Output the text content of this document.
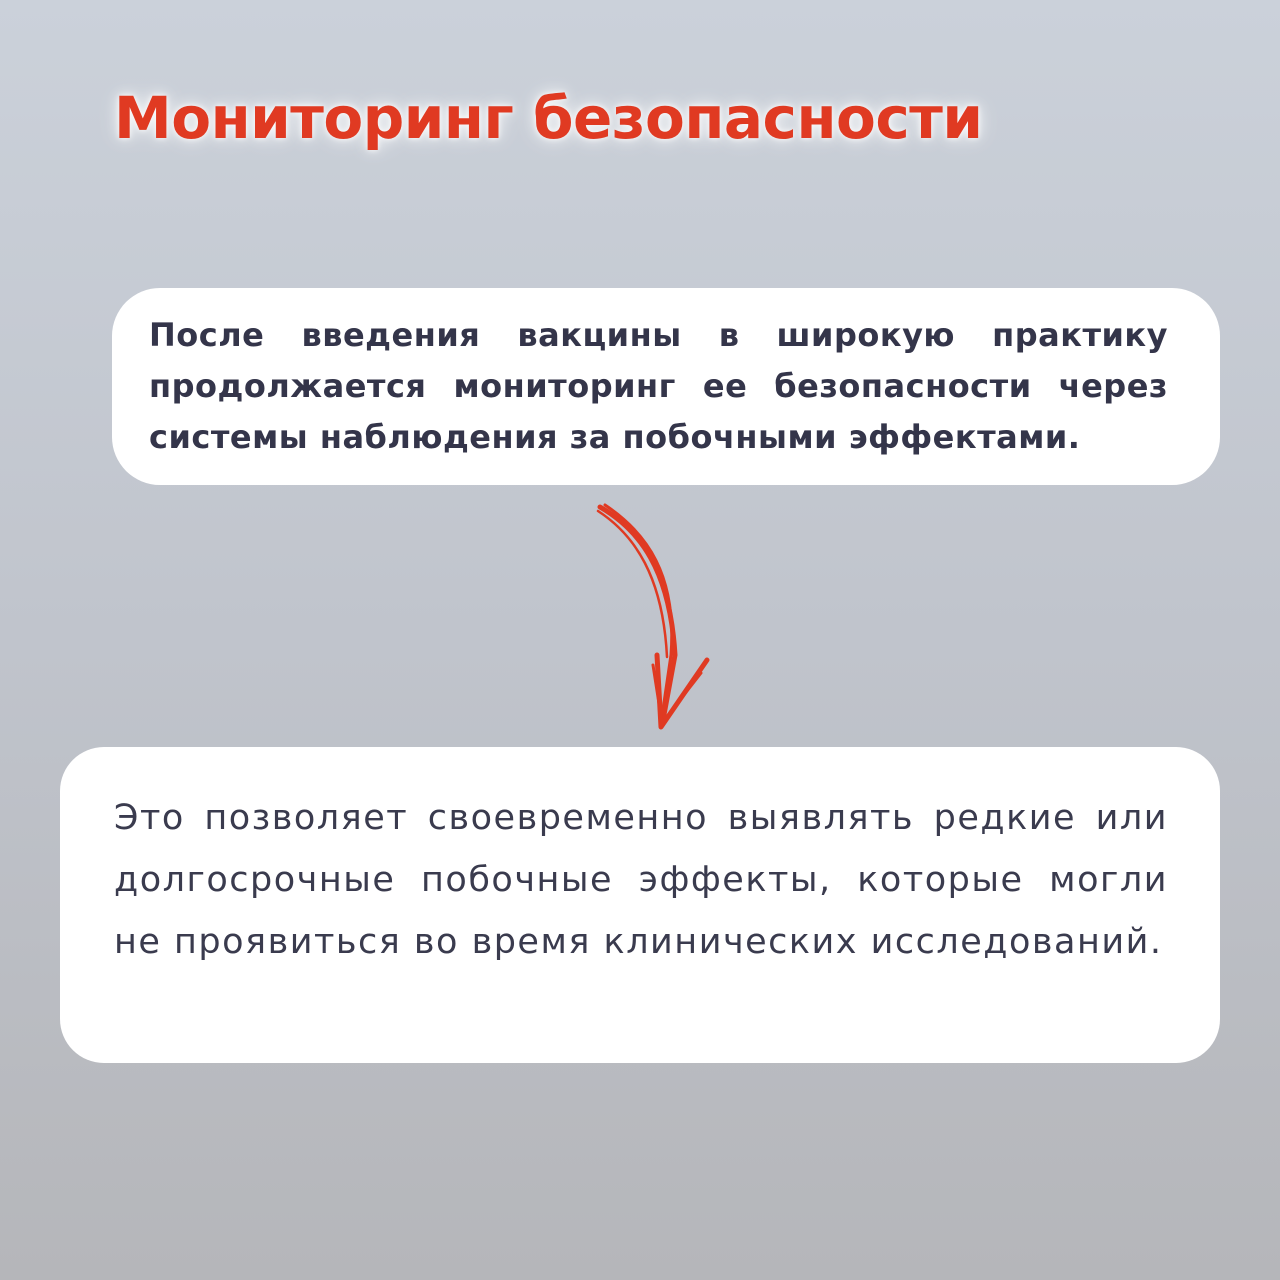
Мониторинг безопасности

После введения вакцины в широкую практику продолжается мониторинг ее безопасности через системы наблюдения за побочными эффектами.

Это позволяет своевременно выявлять редкие или долгосрочные побочные эффекты, которые могли не проявиться во время клинических исследований.
